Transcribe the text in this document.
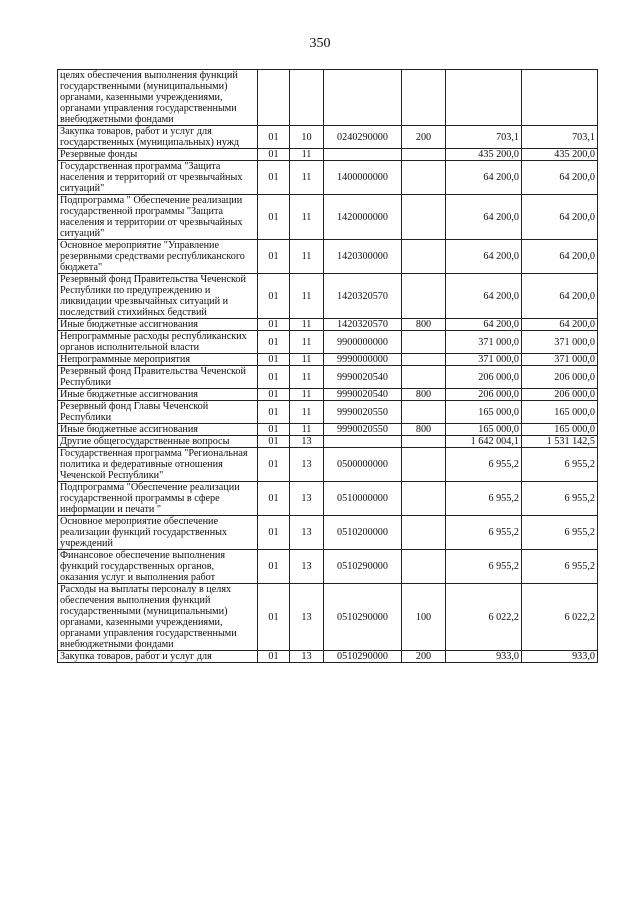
350
целях обеспечения выполнения функций государственными (муниципальными) органами, казенными учреждениями, органами управления государственными внебюджетными фондами						
Закупка товаров, работ и услуг для государственных (муниципальных) нужд	01	10	0240290000	200	703,1	703,1
Резервные фонды	01	11			435 200,0	435 200,0
Государственная программа "Защита населения и территорий от чрезвычайных ситуаций"	01	11	1400000000		64 200,0	64 200,0
Подпрограмма " Обеспечение реализации государственной программы "Защита населения и территории от чрезвычайных ситуаций"	01	11	1420000000		64 200,0	64 200,0
Основное мероприятие "Управление резервными средствами республиканского бюджета"	01	11	1420300000		64 200,0	64 200,0
Резервный фонд Правительства Чеченской Республики по предупреждению и ликвидации чрезвычайных ситуаций и последствий стихийных бедствий	01	11	1420320570		64 200,0	64 200,0
Иные бюджетные ассигнования	01	11	1420320570	800	64 200,0	64 200,0
Непрограммные расходы республиканских органов исполнительной власти	01	11	9900000000		371 000,0	371 000,0
Непрограммные мероприятия	01	11	9990000000		371 000,0	371 000,0
Резервный фонд Правительства Чеченской Республики	01	11	9990020540		206 000,0	206 000,0
Иные бюджетные ассигнования	01	11	9990020540	800	206 000,0	206 000,0
Резервный фонд Главы Чеченской Республики	01	11	9990020550		165 000,0	165 000,0
Иные бюджетные ассигнования	01	11	9990020550	800	165 000,0	165 000,0
Другие общегосударственные вопросы	01	13			1 642 004,1	1 531 142,5
Государственная программа "Региональная политика и федеративные отношения Чеченской Республики"	01	13	0500000000		6 955,2	6 955,2
Подпрограмма "Обеспечение реализации государственной программы в сфере информации и печати "	01	13	0510000000		6 955,2	6 955,2
Основное мероприятие обеспечение реализации функций государственных учреждений	01	13	0510200000		6 955,2	6 955,2
Финансовое обеспечение выполнения функций государственных органов, оказания услуг и выполнения работ	01	13	0510290000		6 955,2	6 955,2
Расходы на выплаты персоналу в целях обеспечения выполнения функций государственными (муниципальными) органами, казенными учреждениями, органами управления государственными внебюджетными фондами	01	13	0510290000	100	6 022,2	6 022,2
Закупка товаров, работ и услуг для	01	13	0510290000	200	933,0	933,0
